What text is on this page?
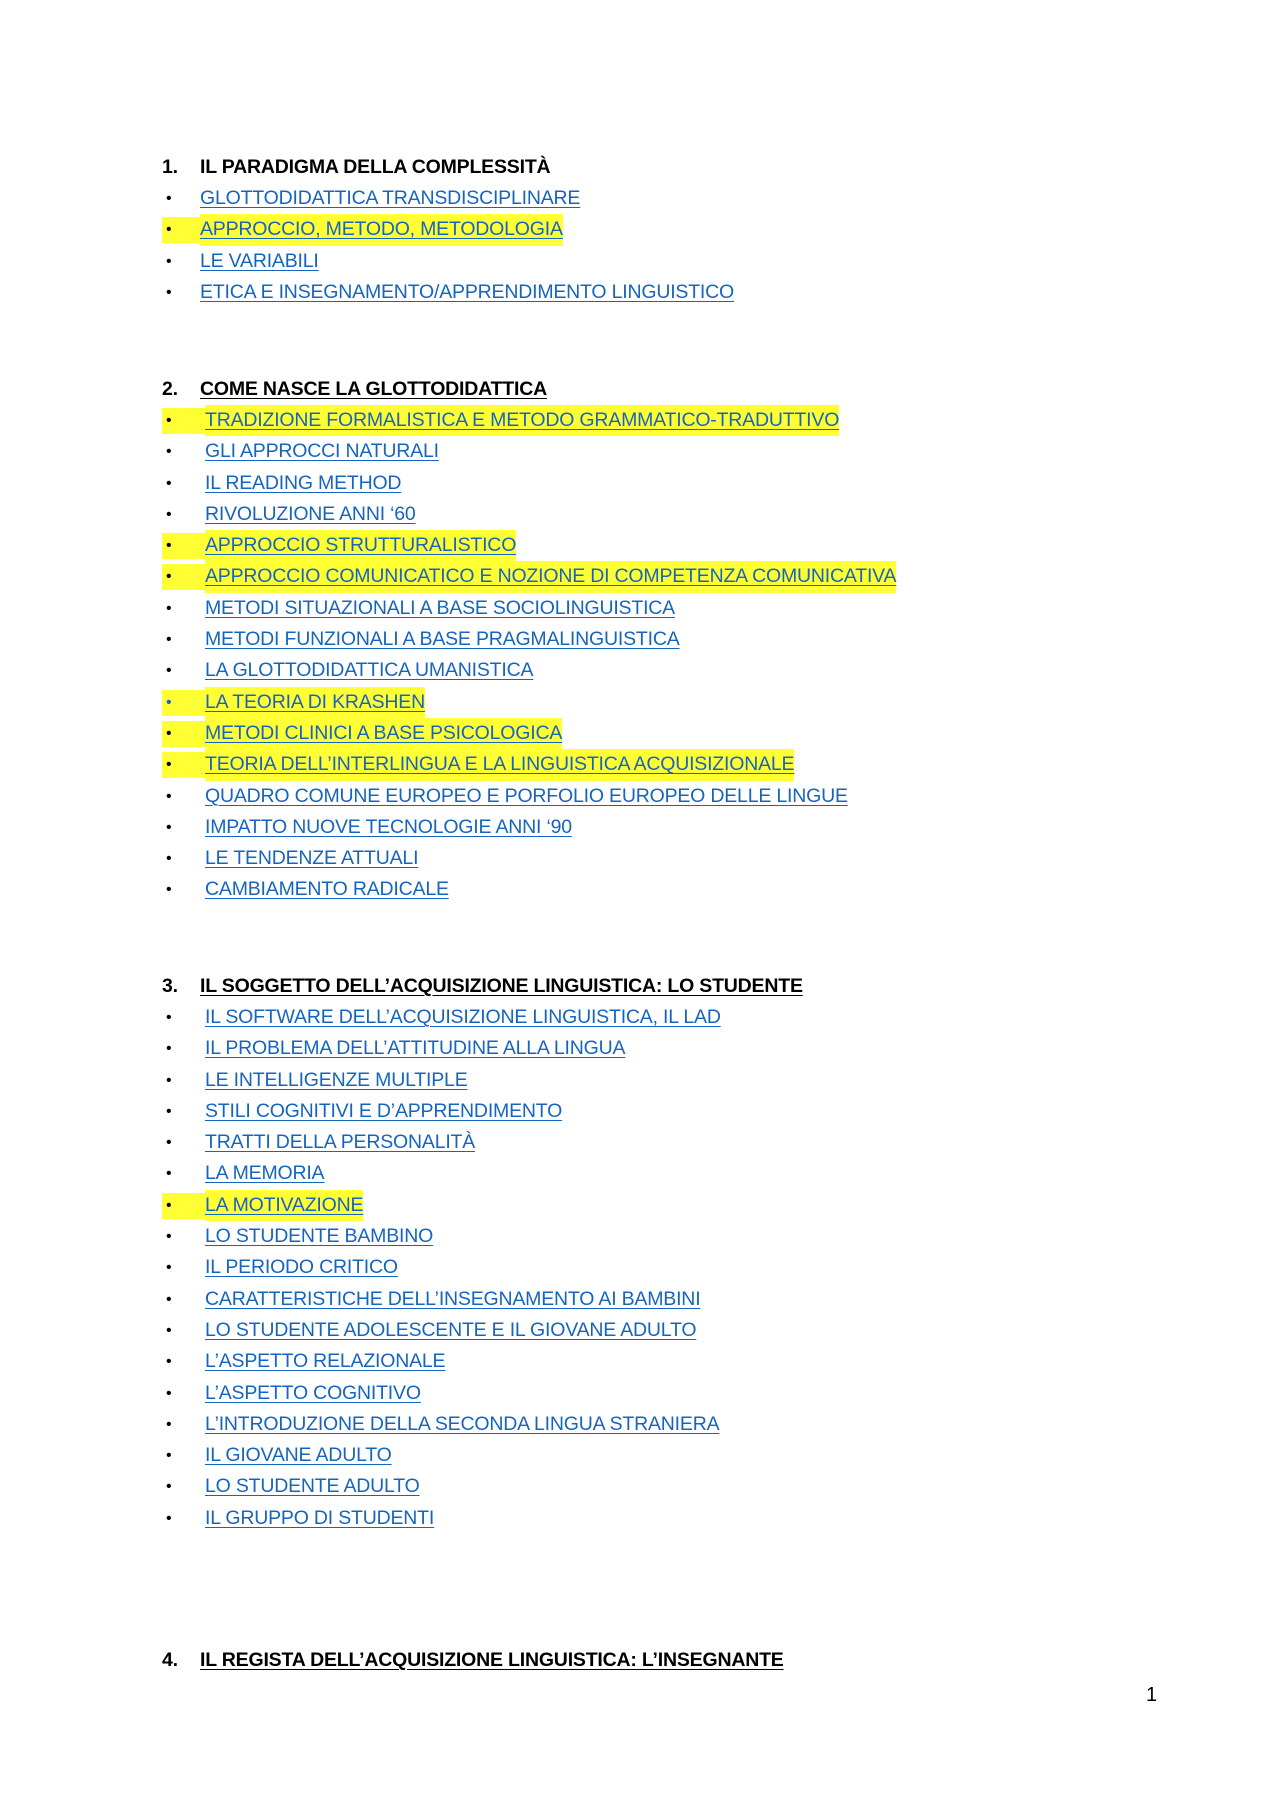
1. IL PARADIGMA DELLA COMPLESSITÀ
•	GLOTTODIDATTICA TRANSDISCIPLINARE
•	APPROCCIO, METODO, METODOLOGIA
•	LE VARIABILI
•	ETICA E INSEGNAMENTO/APPRENDIMENTO LINGUISTICO
2. COME NASCE LA GLOTTODIDATTICA
•	TRADIZIONE FORMALISTICA E METODO GRAMMATICO-TRADUTTIVO
•	GLI APPROCCI NATURALI
•	IL READING METHOD
•	RIVOLUZIONE ANNI ‘60
•	APPROCCIO STRUTTURALISTICO
•	APPROCCIO COMUNICATICO E NOZIONE DI COMPETENZA COMUNICATIVA
•	METODI SITUAZIONALI A BASE SOCIOLINGUISTICA
•	METODI FUNZIONALI A BASE PRAGMALINGUISTICA
•	LA GLOTTODIDATTICA UMANISTICA
•	LA TEORIA DI KRASHEN
•	METODI CLINICI A BASE PSICOLOGICA
•	TEORIA DELL’INTERLINGUA E LA LINGUISTICA ACQUISIZIONALE
•	QUADRO COMUNE EUROPEO E PORFOLIO EUROPEO DELLE LINGUE
•	IMPATTO NUOVE TECNOLOGIE ANNI ‘90
•	LE TENDENZE ATTUALI
•	CAMBIAMENTO RADICALE
3. IL SOGGETTO DELL’ACQUISIZIONE LINGUISTICA: LO STUDENTE
•	IL SOFTWARE DELL’ACQUISIZIONE LINGUISTICA, IL LAD
•	IL PROBLEMA DELL’ATTITUDINE ALLA LINGUA
•	LE INTELLIGENZE MULTIPLE
•	STILI COGNITIVI E D’APPRENDIMENTO
•	TRATTI DELLA PERSONALITÀ
•	LA MEMORIA
•	LA MOTIVAZIONE
•	LO STUDENTE BAMBINO
•	IL PERIODO CRITICO
•	CARATTERISTICHE DELL’INSEGNAMENTO AI BAMBINI
•	LO STUDENTE ADOLESCENTE E IL GIOVANE ADULTO
•	L’ASPETTO RELAZIONALE
•	L’ASPETTO COGNITIVO
•	L’INTRODUZIONE DELLA SECONDA LINGUA STRANIERA
•	IL GIOVANE ADULTO
•	LO STUDENTE ADULTO
•	IL GRUPPO DI STUDENTI
4. IL REGISTA DELL’ACQUISIZIONE LINGUISTICA: L’INSEGNANTE
1
